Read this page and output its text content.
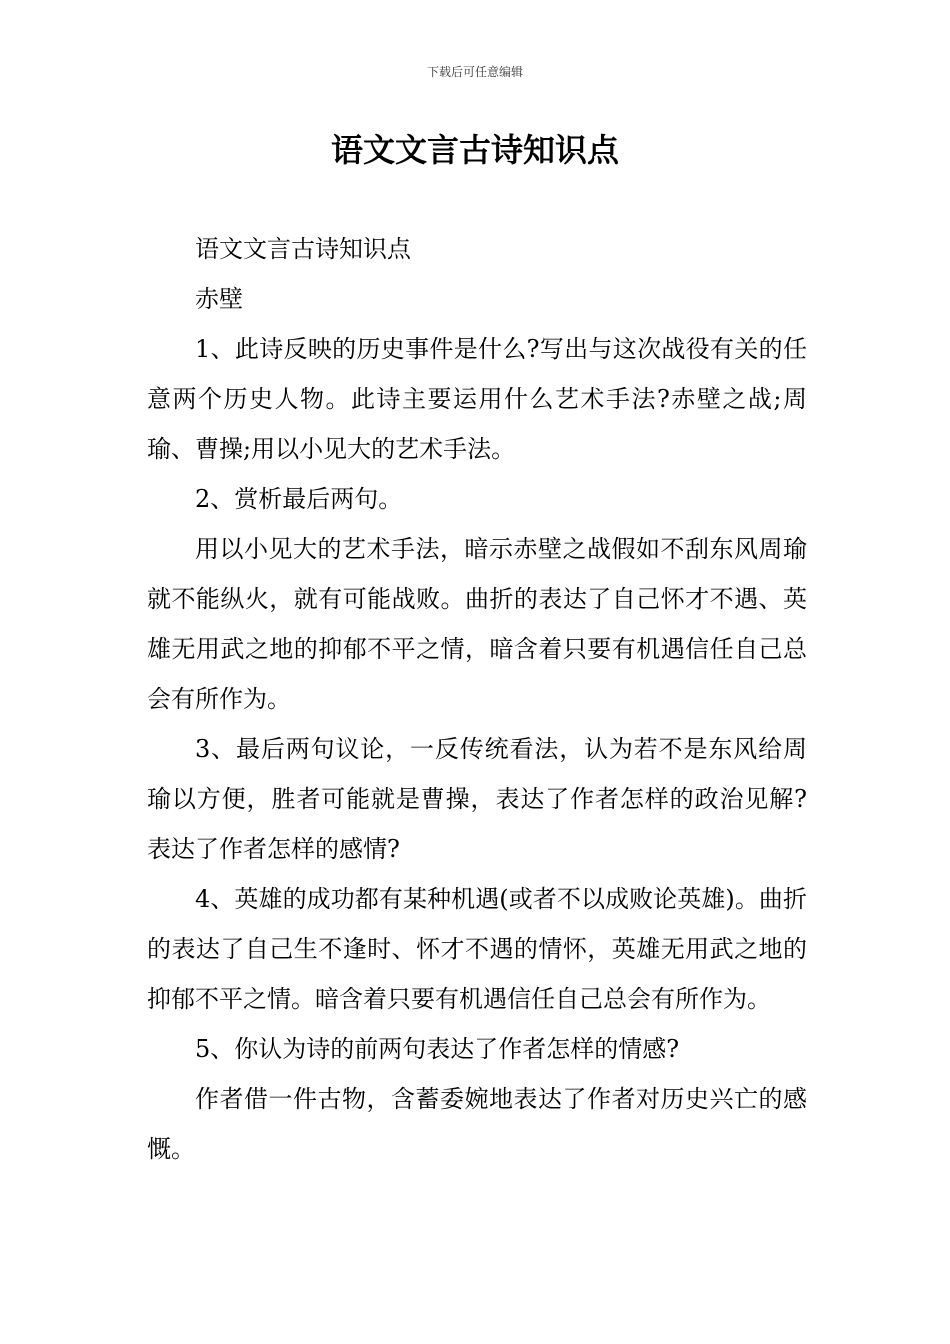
下载后可任意编辑
语文文言古诗知识点

语文文言古诗知识点

赤壁

1、此诗反映的历史事件是什么?写出与这次战役有关的任意两个历史人物。此诗主要运用什么艺术手法?赤壁之战;周瑜、曹操;用以小见大的艺术手法。

2、赏析最后两句。

用以小见大的艺术手法，暗示赤壁之战假如不刮东风周瑜就不能纵火，就有可能战败。曲折的表达了自己怀才不遇、英雄无用武之地的抑郁不平之情，暗含着只要有机遇信任自己总会有所作为。

3、最后两句议论，一反传统看法，认为若不是东风给周瑜以方便，胜者可能就是曹操，表达了作者怎样的政治见解?表达了作者怎样的感情?

4、英雄的成功都有某种机遇(或者不以成败论英雄)。曲折的表达了自己生不逢时、怀才不遇的情怀，英雄无用武之地的抑郁不平之情。暗含着只要有机遇信任自己总会有所作为。

5、你认为诗的前两句表达了作者怎样的情感?

作者借一件古物，含蓄委婉地表达了作者对历史兴亡的感慨。
